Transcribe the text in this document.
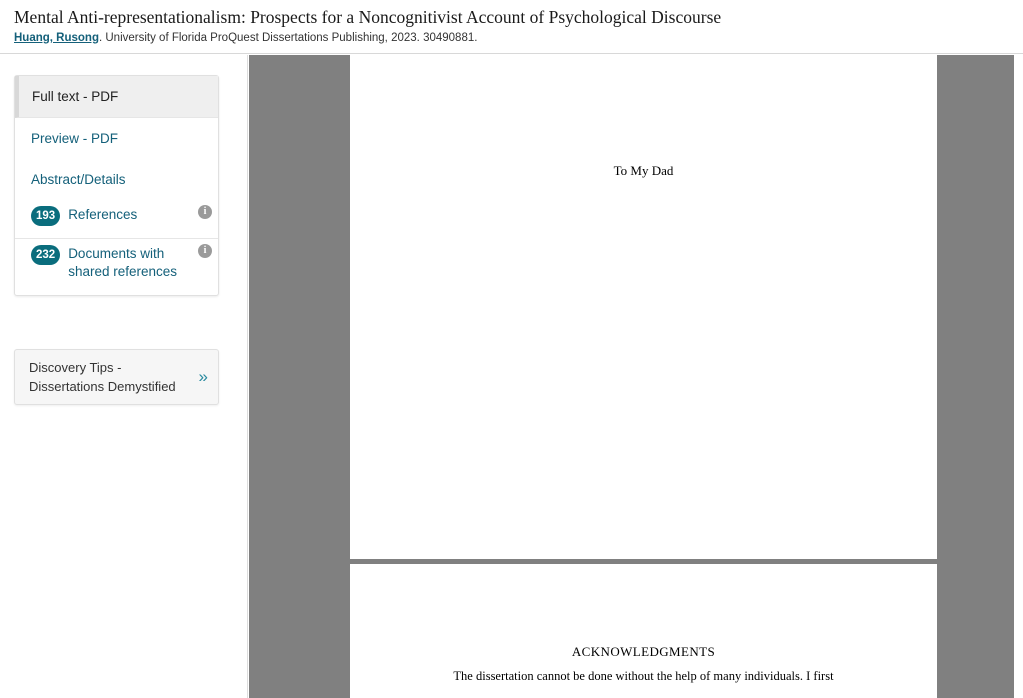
Mental Anti-representationalism: Prospects for a Noncognitivist Account of Psychological Discourse
Huang, Rusong. University of Florida ProQuest Dissertations Publishing, 2023. 30490881.
Full text - PDF
Preview - PDF
Abstract/Details
193 References	i
232 Documents with shared references
i
Discovery Tips - Dissertations Demystified
»
To My Dad
ACKNOWLEDGMENTS
The dissertation cannot be done without the help of many individuals. I first
